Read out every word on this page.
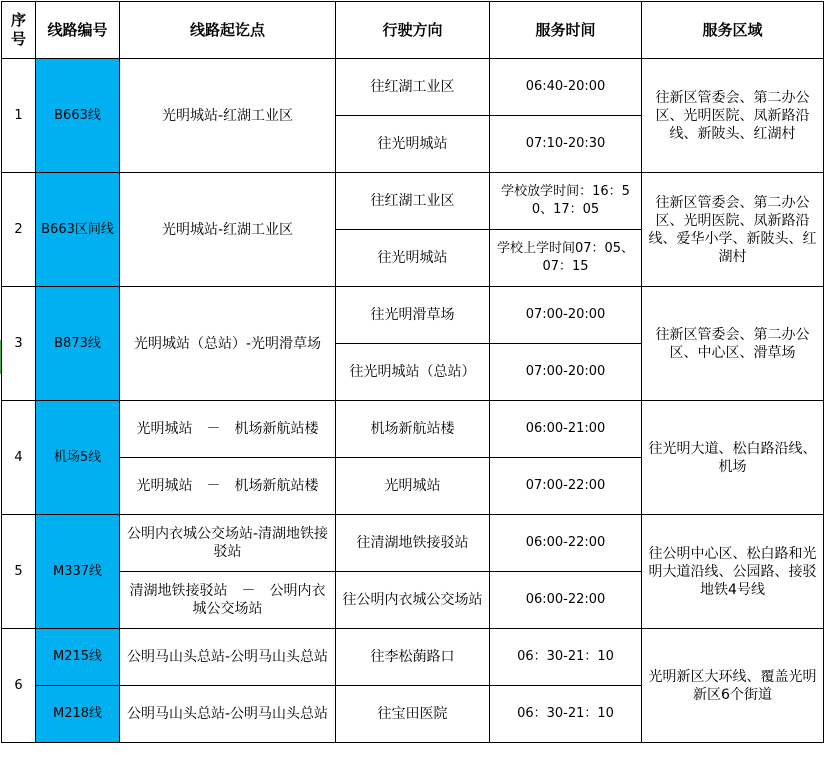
序号	线路编号	线路起讫点	行驶方向	服务时间	服务区域
1	B663线	光明城站-红湖工业区	往红湖工业区	06:40-20:00	往新区管委会、第二办公区、光明医院、凤新路沿线、新陂头、红湖村
			往光明城站	07:10-20:30	
2	B663区间线	光明城站-红湖工业区	往红湖工业区	学校放学时间：16：50、17：05	往新区管委会、第二办公区、光明医院、凤新路沿线、爱华小学、新陂头、红湖村
			往光明城站	学校上学时间07：05、07：15	
3	B873线	光明城站（总站）-光明滑草场	往光明滑草场	07:00-20:00	往新区管委会、第二办公区、中心区、滑草场
			往光明城站（总站）	07:00-20:00	
4	机场5线	光明城站　－　机场新航站楼	机场新航站楼	06:00-21:00	往光明大道、松白路沿线、机场
		光明城站　－　机场新航站楼	光明城站	07:00-22:00	
5	M337线	公明内衣城公交场站-清湖地铁接驳站	往清湖地铁接驳站	06:00-22:00	往公明中心区、松白路和光明大道沿线、公园路、接驳地铁4号线
		清湖地铁接驳站　－　公明内衣城公交场站	往公明内衣城公交场站	06:00-22:00	
6	M215线	公明马山头总站-公明马山头总站	往李松蓢路口	06：30-21：10	光明新区大环线、覆盖光明新区6个街道
	M218线	公明马山头总站-公明马山头总站	往宝田医院	06：30-21：10	
